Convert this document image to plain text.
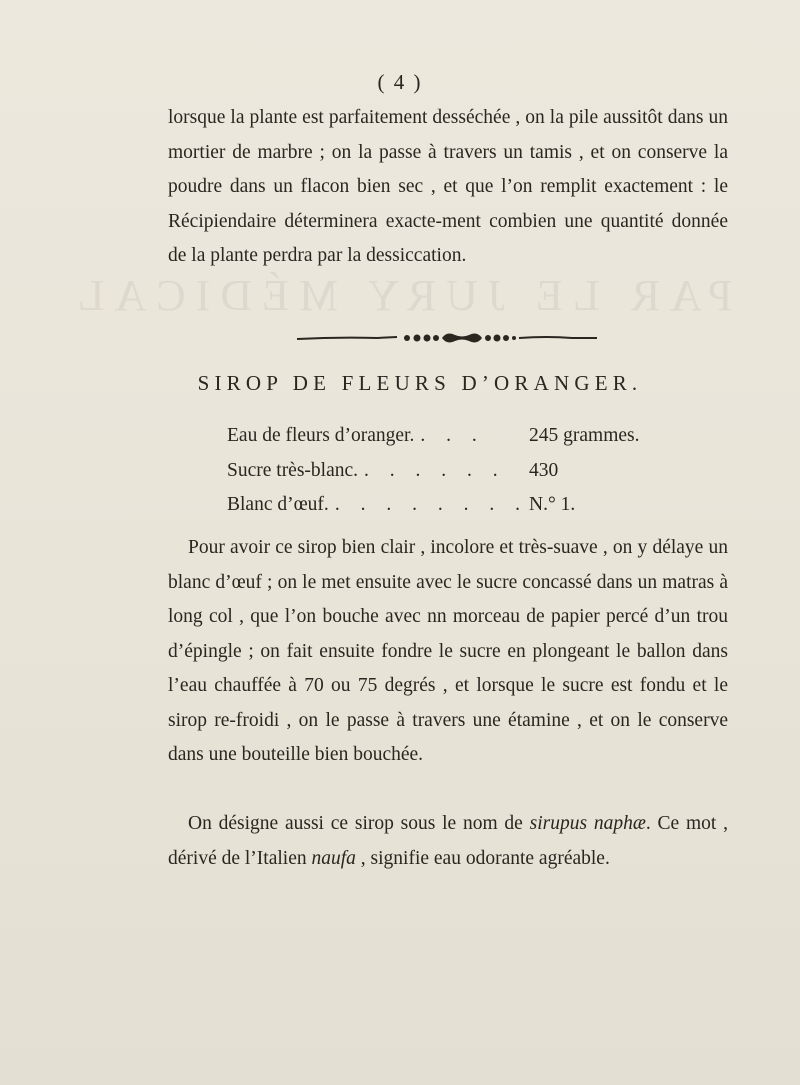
PAR LE JURY MÉDICAL
( 4 )

lorsque la plante est parfaitement desséchée , on la pile aussitôt dans un mortier de marbre ; on la passe à travers un tamis , et on conserve la poudre dans un flacon bien sec , et que l’on remplit exactement : le Récipiendaire déterminera exacte-ment combien une quantité donnée de la plante perdra par la dessiccation.

SIROP DE FLEURS D’ORANGER.
Eau de fleurs d’oranger. . . .	245 grammes.
Sucre très-blanc. . . . . . .	430
Blanc d’œuf. . . . . . . . . N.° 1.

Pour avoir ce sirop bien clair , incolore et très-suave , on y délaye un blanc d’œuf ; on le met ensuite avec le sucre concassé dans un matras à long col , que l’on bouche avec nn morceau de papier percé d’un trou d’épingle ; on fait ensuite fondre le sucre en plongeant le ballon dans l’eau chauffée à 70 ou 75 degrés , et lorsque le sucre est fondu et le sirop re-froidi , on le passe à travers une étamine , et on le conserve dans une bouteille bien bouchée.

On désigne aussi ce sirop sous le nom de sirupus naphæ. Ce mot , dérivé de l’Italien naufa , signifie eau odorante agréable.
